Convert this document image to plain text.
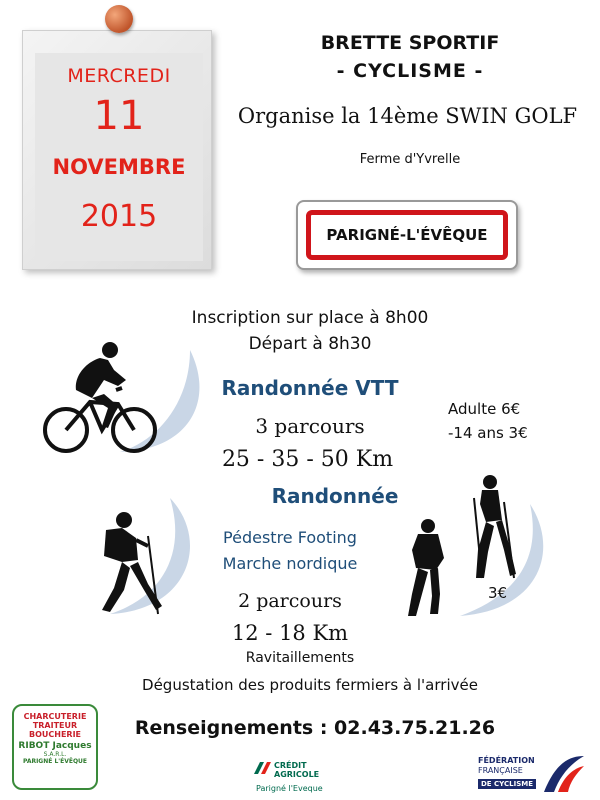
MERCREDI
11
NOVEMBRE
2015
BRETTE SPORTIF
- CYCLISME -
Organise la 14ème SWIN GOLF
Ferme d'Yvrelle
PARIGNÉ-L'ÉVÊQUE
Inscription sur place à 8h00
Départ à 8h30
Randonnée VTT
3 parcours
25 - 35 - 50 Km
Adulte 6€
-14 ans 3€
Randonnée
Pédestre Footing
Marche nordique
2 parcours
12 - 18 Km
3€
Ravitaillements
Dégustation des produits fermiers à l'arrivée
Renseignements : 02.43.75.21.26
CHARCUTERIE
TRAITEUR
BOUCHERIE
RIBOT Jacques
S.A.R.L.
PARIGNÉ L'ÉVÊQUE	CRÉDIT
AGRICOLE
Parigné l'Eveque
FÉDÉRATION
FRANÇAISE
DE CYCLISME
